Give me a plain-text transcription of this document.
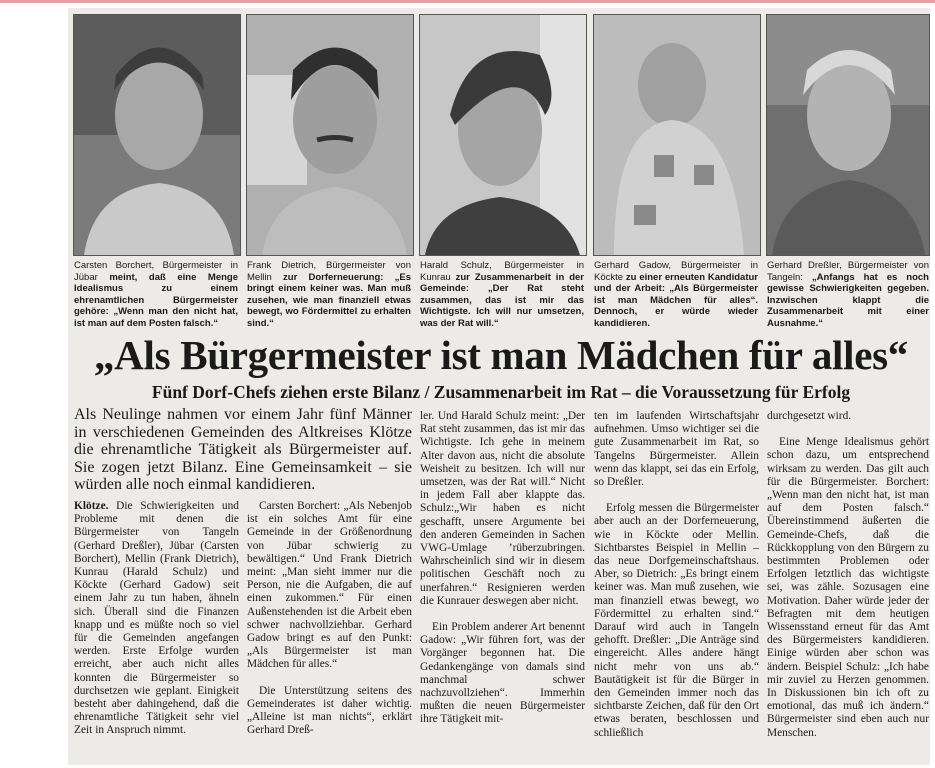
Carsten Borchert, Bürgermeister in Jübar meint, daß eine Menge Idealismus zu einem ehrenamtlichen Bürgermeister gehöre: „Wenn man den nicht hat, ist man auf dem Posten falsch.“
Frank Dietrich, Bürgermeister von Mellin zur Dorferneuerung: „Es bringt einem keiner was. Man muß zusehen, wie man finanziell etwas bewegt, wo Fördermittel zu erhalten sind.“
Harald Schulz, Bürgermeister in Kunrau zur Zusammenarbeit in der Gemeinde: „Der Rat steht zusammen, das ist mir das Wichtigste. Ich will nur umsetzen, was der Rat will.“
Gerhard Gadow, Bürgermeister in Köckte zu einer erneuten Kandidatur und der Arbeit: „Als Bürgermeister ist man Mädchen für alles“. Dennoch, er würde wieder kandidieren.
Gerhard Dreßler, Bürgermeister von Tangeln: „Anfangs hat es noch gewisse Schwierigkeiten gegeben. Inzwischen klappt die Zusammenarbeit mit einer Ausnahme.“
„Als Bürgermeister ist man Mädchen für alles“
Fünf Dorf-Chefs ziehen erste Bilanz / Zusammenarbeit im Rat – die Voraussetzung für Erfolg
Als Neulinge nahmen vor einem Jahr fünf Männer in verschiedenen Gemeinden des Altkreises Klötze die ehrenamtliche Tätigkeit als Bürgermeister auf. Sie zogen jetzt Bilanz. Eine Gemeinsamkeit – sie würden alle noch einmal kandidieren.

Klötze. Die Schwierigkeiten und Probleme mit denen die Bürgermeister von Tangeln (Gerhard Dreßler), Jübar (Carsten Borchert), Mellin (Frank Dietrich), Kunrau (Harald Schulz) und Köckte (Gerhard Gadow) seit einem Jahr zu tun haben, ähneln sich. Überall sind die Finanzen knapp und es müßte noch so viel für die Gemeinden angefangen werden. Erste Erfolge wurden erreicht, aber auch nicht alles konnten die Bürgermeister so durchsetzen wie geplant. Einigkeit besteht aber dahingehend, daß die ehrenamtliche Tätigkeit sehr viel Zeit in Anspruch nimmt.

Carsten Borchert: „Als Nebenjob ist ein solches Amt für eine Gemeinde in der Größenordnung von Jübar schwierig zu bewältigen.“ Und Frank Dietrich meint: „Man sieht immer nur die Person, nie die Aufgaben, die auf einen zukommen.“ Für einen Außenstehenden ist die Arbeit eben schwer nachvollziehbar. Gerhard Gadow bringt es auf den Punkt: „Als Bürgermeister ist man Mädchen für alles.“

Die Unterstützung seitens des Gemeinderates ist daher wichtig. „Alleine ist man nichts“, erklärt Gerhard Dreß-

ler. Und Harald Schulz meint: „Der Rat steht zusammen, das ist mir das Wichtigste. Ich gehe in meinem Alter davon aus, nicht die absolute Weisheit zu besitzen. Ich will nur umsetzen, was der Rat will.“ Nicht in jedem Fall aber klappte das. Schulz:„Wir haben es nicht geschafft, unsere Argumente bei den anderen Gemeinden in Sachen VWG-Umlage ’rüberzubringen. Wahrscheinlich sind wir in diesem politischen Geschäft noch zu unerfahren.“ Resignieren werden die Kunrauer deswegen aber nicht.

Ein Problem anderer Art benennt Gadow: „Wir führen fort, was der Vorgänger begonnen hat. Die Gedankengänge von damals sind manchmal schwer nachzuvollziehen“. Immerhin mußten die neuen Bürgermeister ihre Tätigkeit mit-

ten im laufenden Wirtschaftsjahr aufnehmen. Umso wichtiger sei die gute Zusammenarbeit im Rat, so Tangelns Bürgermeister. Allein wenn das klappt, sei das ein Erfolg, so Dreßler.

Erfolg messen die Bürgermeister aber auch an der Dorferneuerung, wie in Köckte oder Mellin. Sichtbarstes Beispiel in Mellin – das neue Dorfgemeinschaftshaus. Aber, so Dietrich: „Es bringt einem keiner was. Man muß zusehen, wie man finanziell etwas bewegt, wo Fördermittel zu erhalten sind.“ Darauf wird auch in Tangeln gehofft. Dreßler: „Die Anträge sind eingereicht. Alles andere hängt nicht mehr von uns ab.“ Bautätigkeit ist für die Bürger in den Gemeinden immer noch das sichtbarste Zeichen, daß für den Ort etwas beraten, beschlossen und schließlich

durchgesetzt wird.

Eine Menge Idealismus gehört schon dazu, um entsprechend wirksam zu werden. Das gilt auch für die Bürgermeister. Borchert: „Wenn man den nicht hat, ist man auf dem Posten falsch.“ Übereinstimmend äußerten die Gemeinde-Chefs, daß die Rückkopplung von den Bürgern zu bestimmten Problemen oder Erfolgen letztlich das wichtigste sei, was zähle. Sozusagen eine Motivation. Daher würde jeder der Befragten mit dem heutigen Wissensstand erneut für das Amt des Bürgermeisters kandidieren. Einige würden aber schon was ändern. Beispiel Schulz: „Ich habe mir zuviel zu Herzen genommen. In Diskussionen bin ich oft zu emotional, das muß ich ändern.“ Bürgermeister sind eben auch nur Menschen.
